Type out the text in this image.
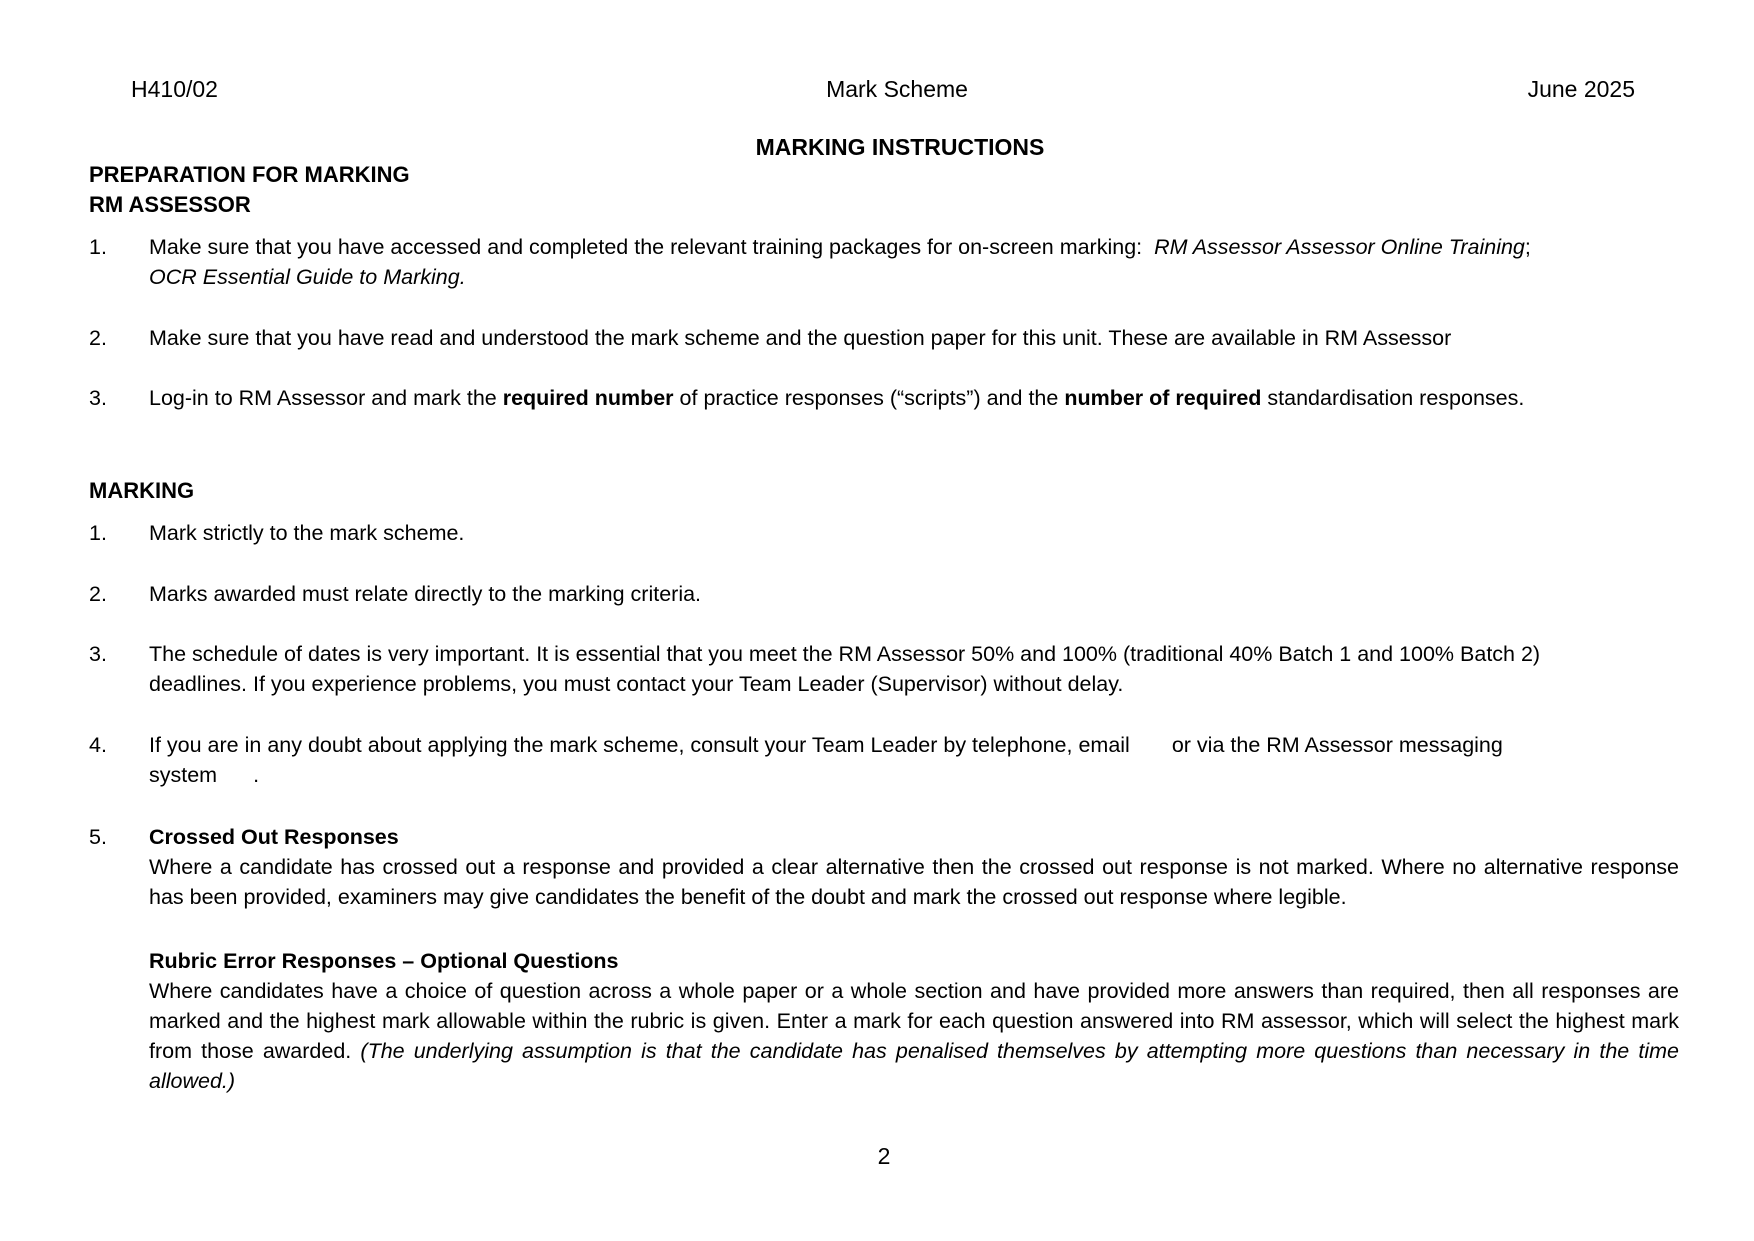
H410/02	Mark Scheme	June 2025
MARKING INSTRUCTIONS
PREPARATION FOR MARKING
RM ASSESSOR
1. Make sure that you have accessed and completed the relevant training packages for on-screen marking: RM Assessor Assessor Online Training;
OCR Essential Guide to Marking.
2. Make sure that you have read and understood the mark scheme and the question paper for this unit. These are available in RM Assessor
3. Log-in to RM Assessor and mark the required number of practice responses (“scripts”) and the number of required standardisation responses.
MARKING
1. Mark strictly to the mark scheme.
2. Marks awarded must relate directly to the marking criteria.
3. The schedule of dates is very important. It is essential that you meet the RM Assessor 50% and 100% (traditional 40% Batch 1 and 100% Batch 2)
deadlines. If you experience problems, you must contact your Team Leader (Supervisor) without delay.
4. If you are in any doubt about applying the mark scheme, consult your Team Leader by telephone, email or via the RM Assessor messaging
system .
5. Crossed Out Responses
Where a candidate has crossed out a response and provided a clear alternative then the crossed out response is not marked. Where no alternative response has been provided, examiners may give candidates the benefit of the doubt and mark the crossed out response where legible.
Rubric Error Responses – Optional Questions
Where candidates have a choice of question across a whole paper or a whole section and have provided more answers than required, then all responses are marked and the highest mark allowable within the rubric is given. Enter a mark for each question answered into RM assessor, which will select the highest mark from those awarded. (The underlying assumption is that the candidate has penalised themselves by attempting more questions than necessary in the time allowed.)
2
